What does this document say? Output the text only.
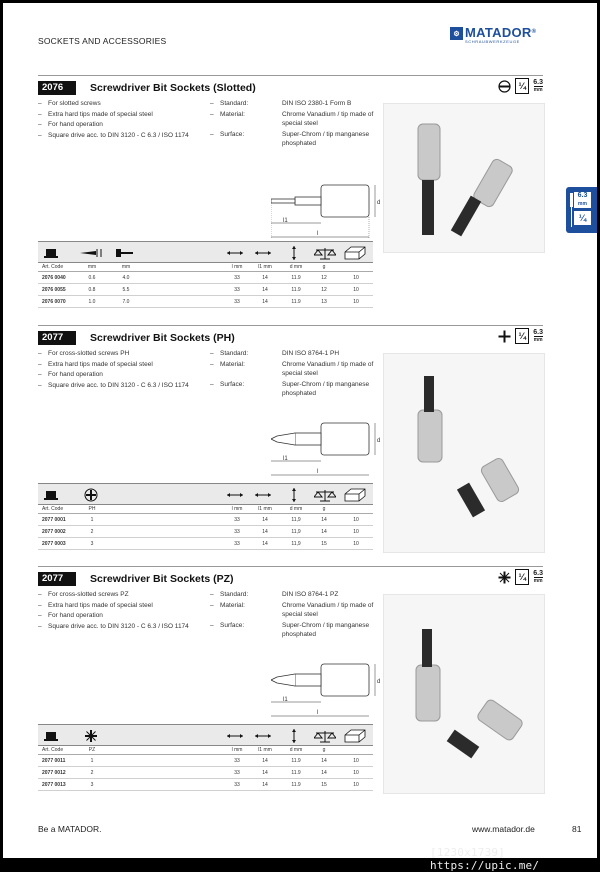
SOCKETS AND ACCESSORIES
⚙ MATADOR®
SCHRAUBWERKZEUGE
6.3
mm
¼
2076	Screwdriver Bit Sockets (Slotted)	¼	6.3
mm
– For slotted screws
– Extra hard tips made of special steel
– For hand operation
– Square drive acc. to DIN 3120 - C 6.3 / ISO 1174
– Standard:	DIN ISO 2380-1 Form B
– Material:	Chrome Vanadium / tip made of special steel
– Surface:	Super-Chrom / tip manganese phosphated
l1
l
d
Art. Code	mm	mm	l mm	l1 mm	d mm	g
2076 0040	0.6	4.0	33	14	11.9	12	10
2076 0055	0.8	5.5	33	14	11.9	12	10
2076 0070	1.0	7.0	33	14	11.9	13	10
2077	Screwdriver Bit Sockets (PH)	¼	6.3
mm
– For cross-slotted screws PH
– Extra hard tips made of special steel
– For hand operation
– Square drive acc. to DIN 3120 - C 6.3 / ISO 1174
– Standard:	DIN ISO 8764-1 PH
– Material:	Chrome Vanadium / tip made of special steel
– Surface:	Super-Chrom / tip manganese phosphated
l1
l
d
Art. Code	PH	l mm	l1 mm	d mm	g
2077 0001	1	33	14	11,9	14	10
2077 0002	2	33	14	11,9	14	10
2077 0003	3	33	14	11,9	15	10
2077	Screwdriver Bit Sockets (PZ)	¼	6.3
mm
– For cross-slotted screws PZ
– Extra hard tips made of special steel
– For hand operation
– Square drive acc. to DIN 3120 - C 6.3 / ISO 1174
– Standard:	DIN ISO 8764-1 PZ
– Material:	Chrome Vanadium / tip made of special steel
– Surface:	Super-Chrom / tip manganese phosphated
l1
l
d
Art. Code	PZ	l mm	l1 mm	d mm	g
2077 0011	1	33	14	11.9	14	10
2077 0012	2	33	14	11.9	14	10
2077 0013	3	33	14	11.9	15	10
Be a MATADOR.	www.matador.de	81
[1230x1739] https://upic.me/
